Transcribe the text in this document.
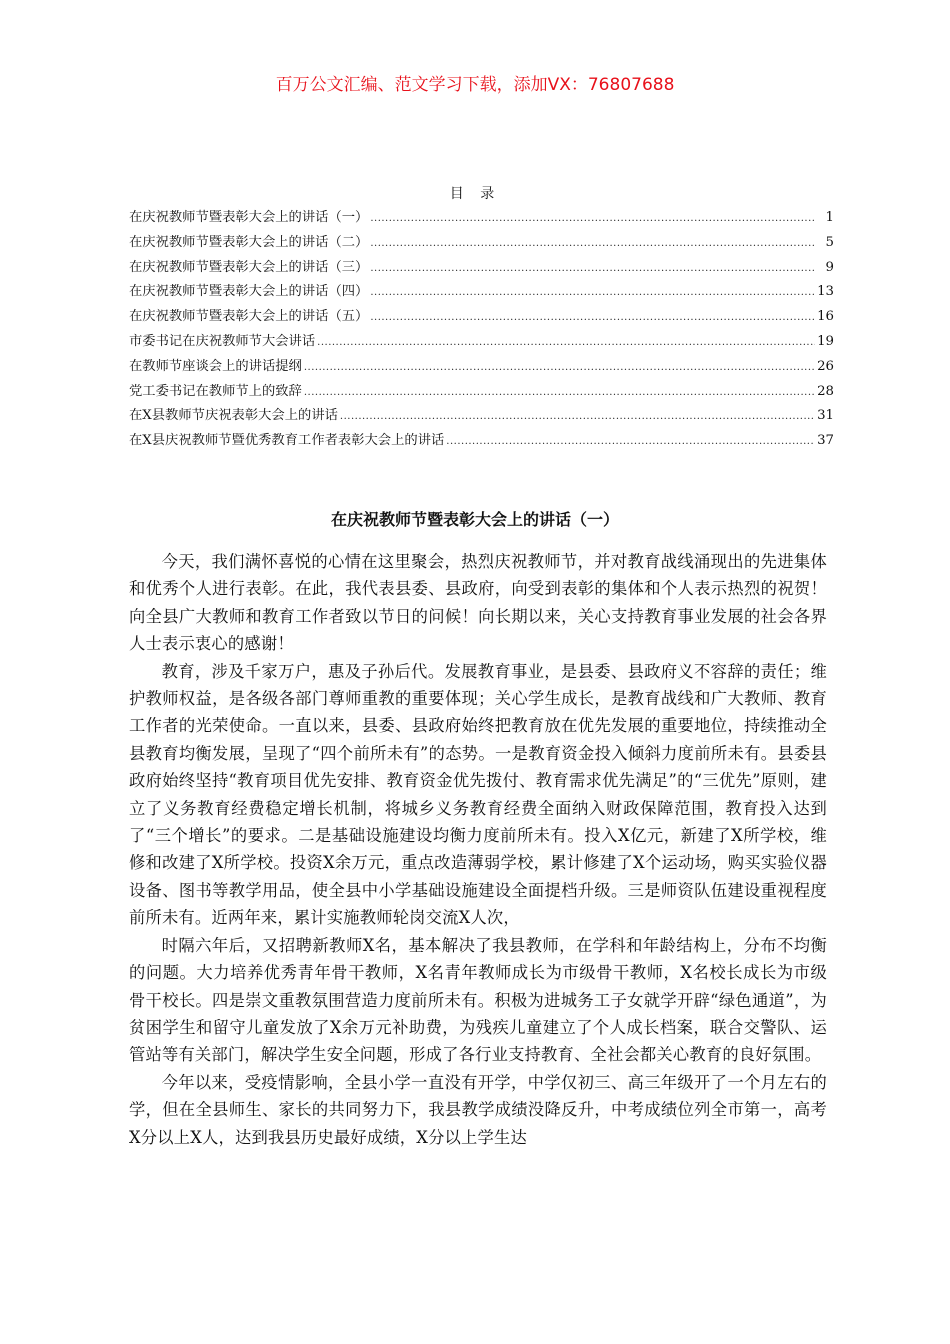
百万公文汇编、范文学习下载，添加VX：76807688
目 录
在庆祝教师节暨表彰大会上的讲话（一） .....	1
在庆祝教师节暨表彰大会上的讲话（二） .....	5
在庆祝教师节暨表彰大会上的讲话（三） .....	9
在庆祝教师节暨表彰大会上的讲话（四） .....	13
在庆祝教师节暨表彰大会上的讲话（五） .....	16
市委书记在庆祝教师节大会讲话 .....	19
在教师节座谈会上的讲话提纲 .....	26
党工委书记在教师节上的致辞 .....	28
在X县教师节庆祝表彰大会上的讲话 .....	31
在X县庆祝教师节暨优秀教育工作者表彰大会上的讲话 .....	37
在庆祝教师节暨表彰大会上的讲话（一）

今天，我们满怀喜悦的心情在这里聚会，热烈庆祝教师节，并对教育战线涌现出的先进集体和优秀个人进行表彰。在此，我代表县委、县政府，向受到表彰的集体和个人表示热烈的祝贺！向全县广大教师和教育工作者致以节日的问候！向长期以来，关心支持教育事业发展的社会各界人士表示衷心的感谢！

教育，涉及千家万户，惠及子孙后代。发展教育事业，是县委、县政府义不容辞的责任；维护教师权益，是各级各部门尊师重教的重要体现；关心学生成长，是教育战线和广大教师、教育工作者的光荣使命。一直以来，县委、县政府始终把教育放在优先发展的重要地位，持续推动全县教育均衡发展，呈现了“四个前所未有”的态势。一是教育资金投入倾斜力度前所未有。县委县政府始终坚持“教育项目优先安排、教育资金优先拨付、教育需求优先满足”的“三优先”原则，建立了义务教育经费稳定增长机制，将城乡义务教育经费全面纳入财政保障范围，教育投入达到了“三个增长”的要求。二是基础设施建设均衡力度前所未有。投入X亿元，新建了X所学校，维修和改建了X所学校。投资X余万元，重点改造薄弱学校，累计修建了X个运动场，购买实验仪器设备、图书等教学用品，使全县中小学基础设施建设全面提档升级。三是师资队伍建设重视程度前所未有。近两年来，累计实施教师轮岗交流X人次，

时隔六年后，又招聘新教师X名，基本解决了我县教师，在学科和年龄结构上，分布不均衡的问题。大力培养优秀青年骨干教师，X名青年教师成长为市级骨干教师，X名校长成长为市级骨干校长。四是崇文重教氛围营造力度前所未有。积极为进城务工子女就学开辟“绿色通道”，为贫困学生和留守儿童发放了X余万元补助费，为残疾儿童建立了个人成长档案，联合交警队、运管站等有关部门，解决学生安全问题，形成了各行业支持教育、全社会都关心教育的良好氛围。

今年以来，受疫情影响，全县小学一直没有开学，中学仅初三、高三年级开了一个月左右的学，但在全县师生、家长的共同努力下，我县教学成绩没降反升，中考成绩位列全市第一，高考X分以上X人，达到我县历史最好成绩，X分以上学生达
